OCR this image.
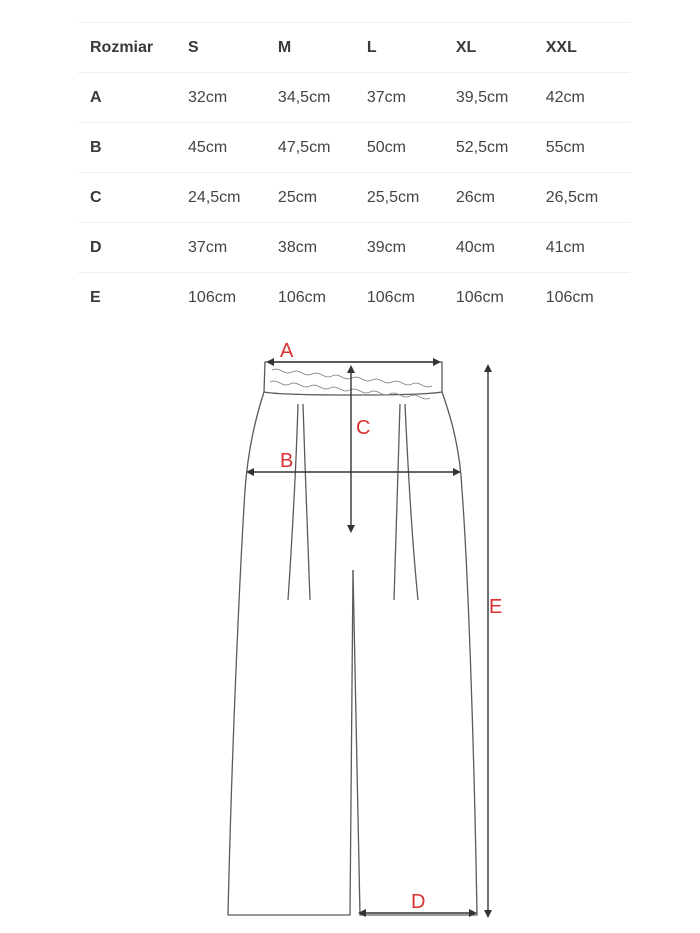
Rozmiar	S	M	L	XL	XXL
A	32cm	34,5cm	37cm	39,5cm	42cm
B	45cm	47,5cm	50cm	52,5cm	55cm
C	24,5cm	25cm	25,5cm	26cm	26,5cm
D	37cm	38cm	39cm	40cm	41cm
E	106cm	106cm	106cm	106cm	106cm
A
B
C
D
E
